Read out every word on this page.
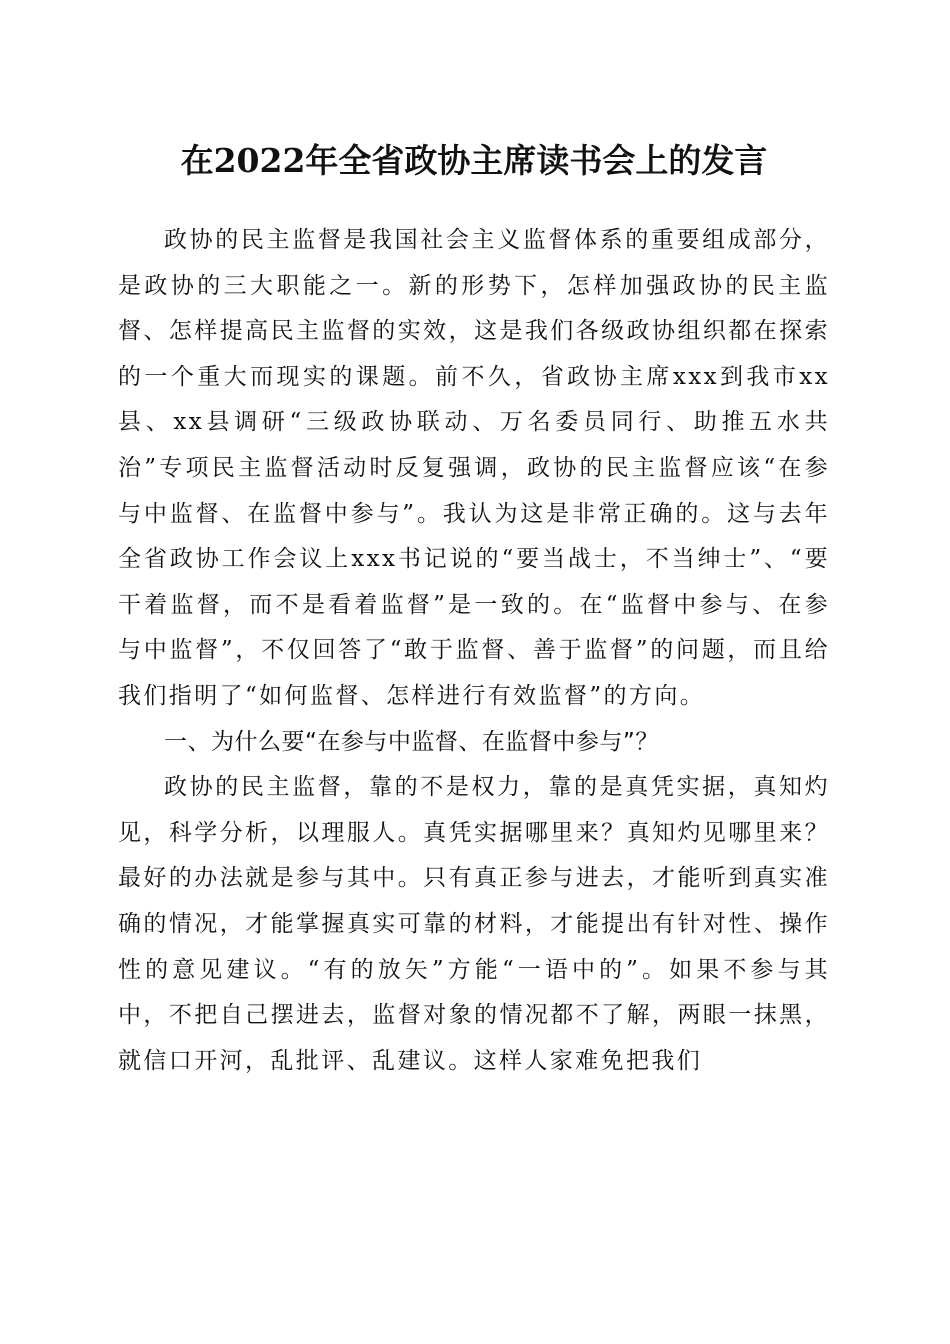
在2022年全省政协主席读书会上的发言

政协的民主监督是我国社会主义监督体系的重要组成部分，是政协的三大职能之一。新的形势下，怎样加强政协的民主监督、怎样提高民主监督的实效，这是我们各级政协组织都在探索的一个重大而现实的课题。前不久，省政协主席xxx到我市xx县、xx县调研“三级政协联动、万名委员同行、助推五水共治”专项民主监督活动时反复强调，政协的民主监督应该“在参与中监督、在监督中参与”。我认为这是非常正确的。这与去年全省政协工作会议上xxx书记说的“要当战士，不当绅士”、“要干着监督，而不是看着监督”是一致的。在“监督中参与、在参与中监督”，不仅回答了“敢于监督、善于监督”的问题，而且给我们指明了“如何监督、怎样进行有效监督”的方向。

一、为什么要“在参与中监督、在监督中参与”？

政协的民主监督，靠的不是权力，靠的是真凭实据，真知灼见，科学分析，以理服人。真凭实据哪里来？真知灼见哪里来？最好的办法就是参与其中。只有真正参与进去，才能听到真实准确的情况，才能掌握真实可靠的材料，才能提出有针对性、操作性的意见建议。“有的放矢”方能“一语中的”。如果不参与其中，不把自己摆进去，监督对象的情况都不了解，两眼一抹黑，就信口开河，乱批评、乱建议。这样人家难免把我们
